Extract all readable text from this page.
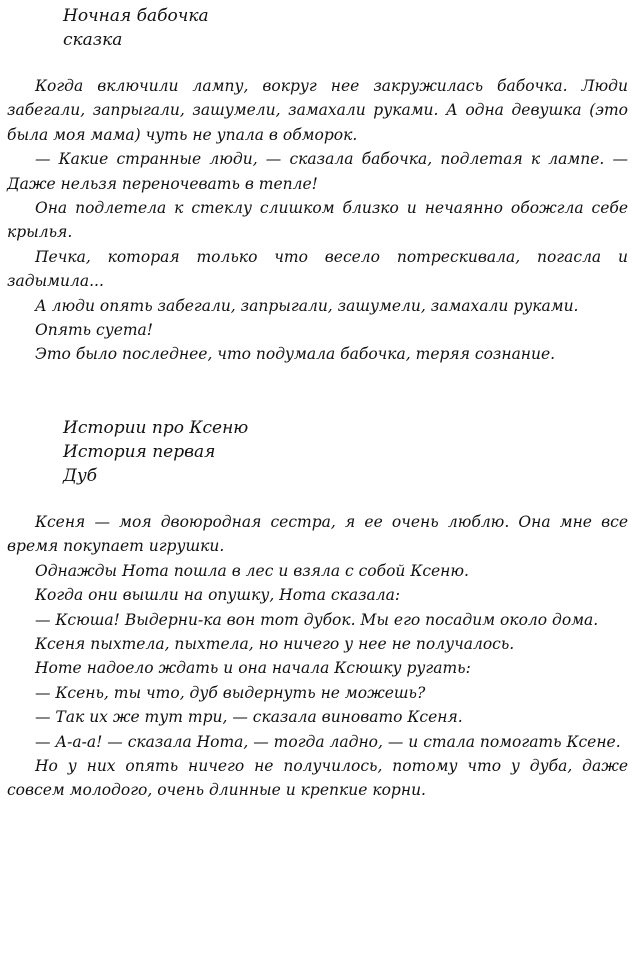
Ночная бабочка
сказка

Когда включили лампу, вокруг нее закружилась бабочка. Люди забегали, запрыгали, зашумели, замахали руками. А одна девушка (это была моя мама) чуть не упала в обморок.

— Какие странные люди, — сказала бабочка, подлетая к лампе. — Даже нельзя переночевать в тепле!

Она подлетела к стеклу слишком близко и нечаянно обожгла себе крылья.

Печка, которая только что весело потрескивала, погасла и задымила...

А люди опять забегали, запрыгали, зашумели, замахали руками.

Опять суета!

Это было последнее, что подумала бабочка, теряя сознание.

Истории про Ксеню
История первая
Дуб

Ксеня — моя двоюродная сестра, я ее очень люблю. Она мне все время покупает игрушки.

Однажды Нота пошла в лес и взяла с собой Ксеню.

Когда они вышли на опушку, Нота сказала:

— Ксюша! Выдерни-ка вон тот дубок. Мы его посадим около дома.

Ксеня пыхтела, пыхтела, но ничего у нее не получалось.

Ноте надоело ждать и она начала Ксюшку ругать:

— Ксень, ты что, дуб выдернуть не можешь?

— Так их же тут три, — сказала виновато Ксеня.

— А-а-а! — сказала Нота, — тогда ладно, — и стала помогать Ксене.

Но у них опять ничего не получилось, потому что у дуба, даже совсем молодого, очень длинные и крепкие корни.
